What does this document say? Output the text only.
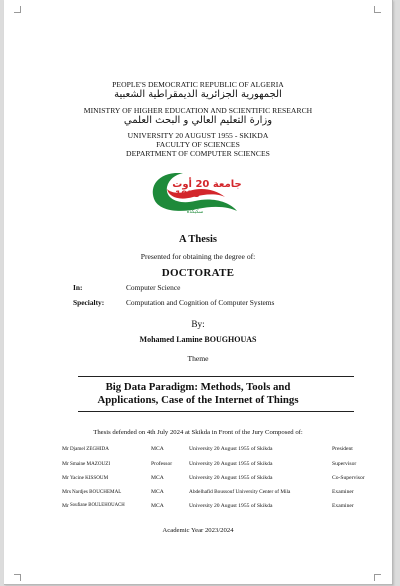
PEOPLE'S DEMOCRATIC REPUBLIC OF ALGERIA
الجمهورية الجزائرية الديمقراطية الشعبية
MINISTRY OF HIGHER EDUCATION AND SCIENTIFIC RESEARCH
وزارة التعليم العالي و البحث العلمي
UNIVERSITY 20 AUGUST 1955 - SKIKDA
FACULTY OF SCIENCES
DEPARTMENT OF COMPUTER SCIENCES
1955
جامعة 20 أوت
سكيكدة
A Thesis
Presented for obtaining the degree of:
DOCTORATE
In:	Computer Science
Specialty:	Computation and Cognition of Computer Systems
By:
Mohamed Lamine BOUGHOUAS
Theme
Big Data Paradigm: Methods, Tools and
Applications, Case of the Internet of Things
Thesis defended on 4th July 2024 at Skikda in Front of the Jury Composed of:
Mr Djamel ZEGHIDA	MCA	University 20 August 1955 of Skikda	President
Mr Smaine MAZOUZI	Professor	University 20 August 1955 of Skikda	Supervisor
Mr Yacine KISSOUM	MCA	University 20 August 1955 of Skikda	Co-Supervisor
Mrs Nardjes BOUCHEMAL	MCA	Abdelhafid Boussouf University Center of Mila	Examiner
Mr Soufiane BOULEHOUACH	MCA	University 20 August 1955 of Skikda	Examiner
Academic Year 2023/2024
